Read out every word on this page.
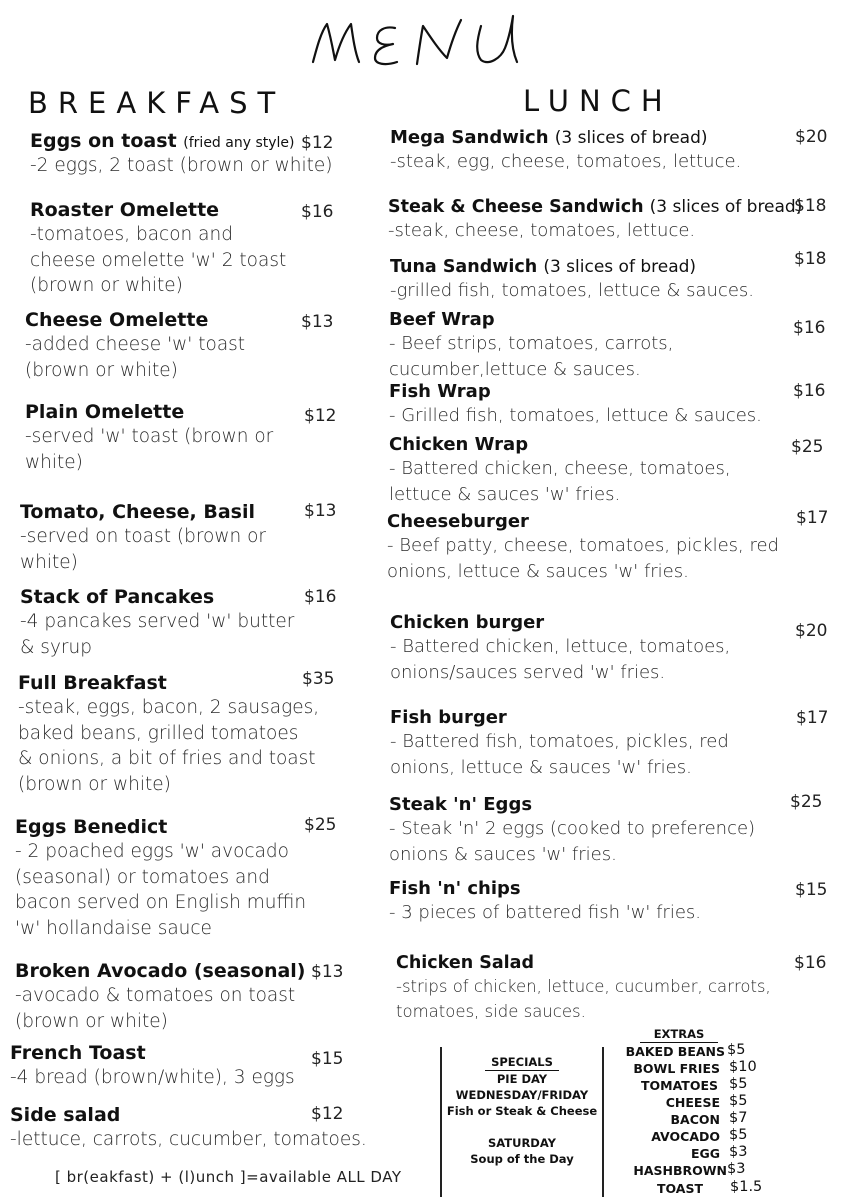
BREAKFAST	LUNCH
Eggs on toast (fried any style)
-2 eggs, 2 toast (brown or white)
$12
Roaster Omelette
-tomatoes, bacon and
cheese omelette 'w' 2 toast
(brown or white)
$16
Cheese Omelette
-added cheese 'w' toast
(brown or white)
$13
Plain Omelette
-served 'w' toast (brown or
white)
$12
Tomato, Cheese, Basil
-served on toast (brown or
white)
$13
Stack of Pancakes
-4 pancakes served 'w' butter
& syrup
$16
Full Breakfast
-steak, eggs, bacon, 2 sausages,
baked beans, grilled tomatoes
& onions, a bit of fries and toast
(brown or white)
$35
Eggs Benedict
- 2 poached eggs 'w' avocado
(seasonal) or tomatoes and
bacon served on English muffin
'w' hollandaise sauce
$25
Broken Avocado (seasonal)
-avocado & tomatoes on toast
(brown or white)
$13
French Toast
-4 bread (brown/white), 3 eggs
$15
Side salad
-lettuce, carrots, cucumber, tomatoes.
$12
Mega Sandwich (3 slices of bread)
-steak, egg, cheese, tomatoes, lettuce.
$20
Steak & Cheese Sandwich (3 slices of bread)
-steak, cheese, tomatoes, lettuce.
$18
Tuna Sandwich (3 slices of bread)
-grilled fish, tomatoes, lettuce & sauces.
$18
Beef Wrap
- Beef strips, tomatoes, carrots,
cucumber,lettuce & sauces.
$16
Fish Wrap
- Grilled fish, tomatoes, lettuce & sauces.
$16
Chicken Wrap
- Battered chicken, cheese, tomatoes,
lettuce & sauces 'w' fries.
$25
Cheeseburger
- Beef patty, cheese, tomatoes, pickles, red
onions, lettuce & sauces 'w' fries.
$17
Chicken burger
- Battered chicken, lettuce, tomatoes,
onions/sauces served 'w' fries.
$20
Fish burger
- Battered fish, tomatoes, pickles, red
onions, lettuce & sauces 'w' fries.
$17
Steak 'n' Eggs
- Steak 'n' 2 eggs (cooked to preference)
onions & sauces 'w' fries.
$25
Fish 'n' chips
- 3 pieces of battered fish 'w' fries.
$15
Chicken Salad
-strips of chicken, lettuce, cucumber, carrots,
tomatoes, side sauces.
$16
SPECIALS
PIE DAY
WEDNESDAY/FRIDAY
Fish or Steak & Cheese
SATURDAY
Soup of the Day
EXTRAS
BAKED BEANS $5
BOWL FRIES $10
TOMATOES $5
CHEESE $5
BACON $7
AVOCADO $5
EGG $3
HASHBROWN $3
TOAST $1.5
[ br(eakfast) + (l)unch ]=available ALL DAY
